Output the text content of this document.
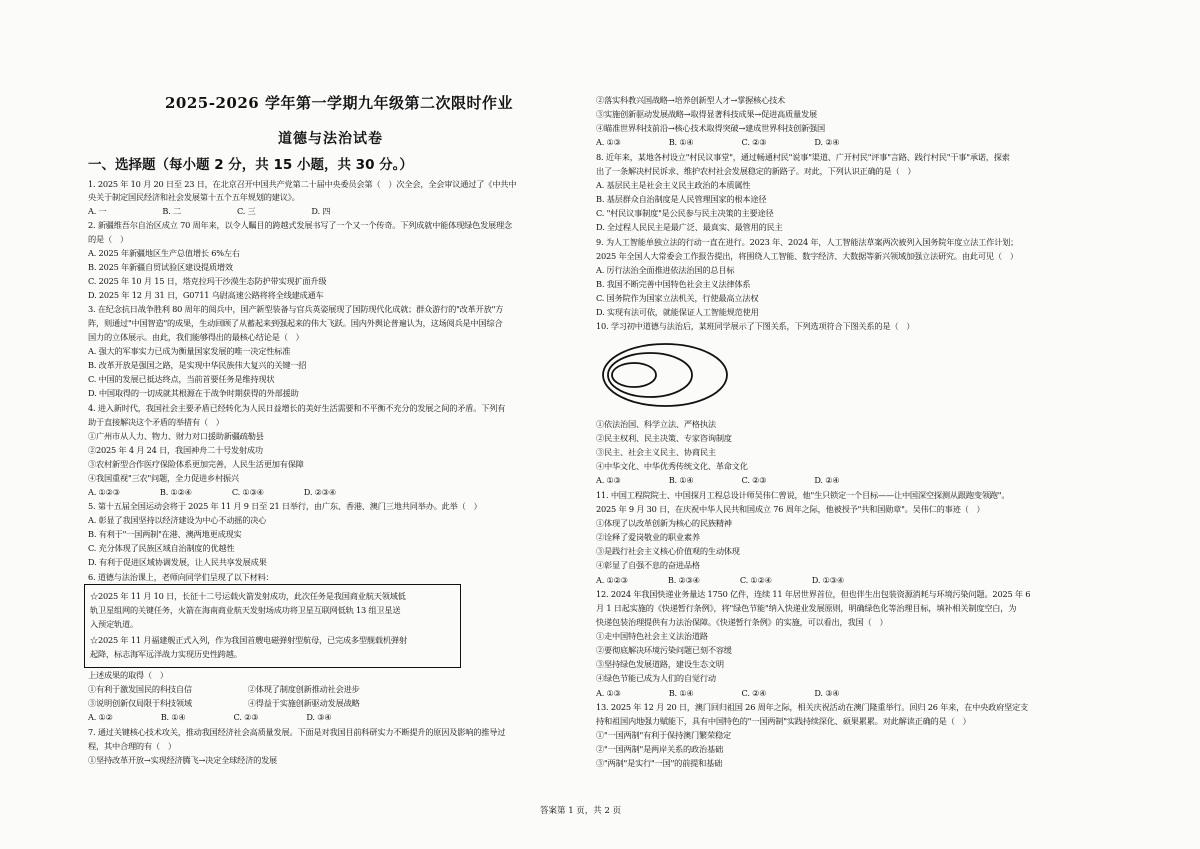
2025-2026 学年第一学期九年级第二次限时作业
道德与法治试卷
一、选择题（每小题 2 分，共 15 小题，共 30 分。）
1. 2025 年 10 月 20 日至 23 日，在北京召开中国共产党第二十届中央委员会第（　）次全会，全会审议通过了《中共中
央关于制定国民经济和社会发展第十五个五年规划的建议》。
A. 一　　　　　　　B. 二　　　　　　　C. 三　　　　　　　D. 四
2. 新疆维吾尔自治区成立 70 周年来，以令人瞩目的跨越式发展书写了一个又一个传奇。下列成就中能体现绿色发展理念
的是（　）
A. 2025 年新疆地区生产总值增长 6%左右
B. 2025 年新疆自贸试验区建设提质增效
C. 2025 年 10 月 15 日，塔克拉玛干沙漠生态防护带实现扩面升级
D. 2025 年 12 月 31 日，G0711 乌尉高速公路将将全线建成通车
3. 在纪念抗日战争胜利 80 周年的阅兵中，国产新型装备与官兵英姿展现了国防现代化成就；群众游行的"改革开放"方
阵，则通过"中国智造"的成果，生动回顾了从蓄起来到强起来的伟大飞跃。国内外舆论普遍认为，这场阅兵是中国综合
国力的立体展示。由此，我们能够得出的最核心结论是（　）
A. 强大的军事实力已成为衡量国家发展的唯一决定性标准
B. 改革开放是强国之路，是实现中华民族伟大复兴的关键一招
C. 中国的发展已抵达终点，当前首要任务是维持现状
D. 中国取得的一切成就其根源在于战争时期获得的外部援助
4. 进入新时代，我国社会主要矛盾已经转化为人民日益增长的美好生活需要和不平衡不充分的发展之间的矛盾。下列有
助于直接解决这个矛盾的举措有（　）
①广州市从人力、物力、财力对口援助新疆疏勒县
②2025 年 4 月 24 日，我国神舟二十号发射成功
③农村新型合作医疗保险体系更加完善，人民生活更加有保障
④我国重视"三农"问题，全力促进乡村振兴
A. ①②③　　　　　B. ①②④　　　　　C. ①③④　　　　　D. ②③④
5. 第十五届全国运动会将于 2025 年 11 月 9 日至 21 日举行，由广东、香港、澳门三地共同举办。此举（　）
A. 彰显了我国坚持以经济建设为中心不动摇的决心
B. 有利于"一国两制"在港、澳两地更成现实
C. 充分体现了民族区域自治制度的优越性
D. 有利于促进区域协调发展，让人民共享发展成果
6. 道德与法治课上，老师向同学们呈现了以下材料：
☆2025 年 11 月 10 日，长征十二号运载火箭发射成功，此次任务是我国商业航天领域低
轨卫星组网的关键任务，火箭在海南商业航天发射场成功将卫星互联网低轨 13 组卫星送
入预定轨道。
☆2025 年 11 月福建舰正式入列，作为我国首艘电磁弹射型航母，已完成多型舰载机弹射
起降，标志海军远洋战力实现历史性跨越。
上述成果的取得（　）
①有利于激发国民的科技自信　　　　　　　②体现了制度创新推动社会进步
③说明创新仅局限于科技领域　　　　　　　④得益于实施创新驱动发展战略
A. ①②　　　　　　B. ①④　　　　　　C. ②③　　　　　　D. ③④
7. 通过关键核心技术攻关，推动我国经济社会高质量发展。下面是对我国目前科研实力不断提升的原因及影响的推导过
程，其中合理的有（　）
①坚持改革开放→实现经济腾飞→决定全球经济的发展
②落实科教兴国战略→培养创新型人才→掌握核心技术
③实施创新驱动发展战略→取得显著科技成果→促进高质量发展
④瞄准世界科技前沿→核心技术取得突破→建成世界科技创新强国
A. ①③　　　　　　B. ①④　　　　　　C. ②③　　　　　　D. ②④
8. 近年来，某地各村设立"村民议事堂"，通过畅通村民"说事"渠道、广开村民"评事"言路、践行村民"干事"承诺，探索
出了一条解决村民诉求、维护农村社会发展稳定的新路子。对此，下列认识正确的是（　）
A. 基层民主是社会主义民主政治的本质属性
B. 基层群众自治制度是人民管理国家的根本途径
C. "村民议事制度"是公民参与民主决策的主要途径
D. 全过程人民民主是最广泛、最真实、最管用的民主
9. 为人工智能单独立法的行动一直在进行。2023 年、2024 年，人工智能法草案两次被列入国务院年度立法工作计划；
2025 年全国人大常委会工作报告提出，将围绕人工智能、数字经济、大数据等新兴领域加强立法研究。由此可见（　）
A. 厉行法治全面推进依法治国的总目标
B. 我国不断完善中国特色社会主义法律体系
C. 国务院作为国家立法机关，行使最高立法权
D. 实现有法可依，就能保证人工智能规范使用
10. 学习初中道德与法治后，某班同学展示了下图关系，下列选项符合下图关系的是（　）
①依法治国、科学立法、严格执法
②民主权利、民主决策、专家咨询制度
③民主、社会主义民主、协商民主
④中华文化、中华优秀传统文化、革命文化
A. ①③　　　　　　B. ①④　　　　　　C. ②③　　　　　　D. ②④
11. 中国工程院院士、中国探月工程总设计师吴伟仁曾说，他"生只锁定一个目标——让中国深空探测从跟跑变领跑"。
2025 年 9 月 30 日，在庆祝中华人民共和国成立 76 周年之际，他被授予"共和国勋章"。吴伟仁的事迹（　）
①体现了以改革创新为核心的民族精神
②诠释了爱岗敬业的职业素养
③是践行社会主义核心价值观的生动体现
④彰显了自强不息的奋进品格
A. ①②③　　　　　B. ②③④　　　　　C. ①②④　　　　　D. ①③④
12. 2024 年我国快递业务量达 1750 亿件，连续 11 年居世界首位，但也伴生出包装资源消耗与环境污染问题。2025 年 6
月 1 日起实施的《快递暂行条例》，将"绿色节能"纳入快递业发展原则，明确绿色化等治理目标，填补相关制度空白，为
快递包装治理提供有力法治保障。《快递暂行条例》的实施，可以看出，我国（　）
①走中国特色社会主义法治道路
②要彻底解决环境污染问题已刻不容缓
③坚持绿色发展道路，建设生态文明
④绿色节能已成为人们的自觉行动
A. ①③　　　　　　B. ①④　　　　　　C. ②④　　　　　　D. ③④
13. 2025 年 12 月 20 日，澳门回归祖国 26 周年之际，相关庆祝活动在澳门隆重举行。回归 26 年来，在中央政府坚定支
持和祖国内地强力赋能下，具有中国特色的"一国两制"实践持续深化、硕果累累。对此解读正确的是（　）
①"一国两制"有利于保持澳门繁荣稳定
②"一国两制"是两岸关系的政治基础
③"两制"是实行"一国"的前提和基础
答案第 1 页，共 2 页
